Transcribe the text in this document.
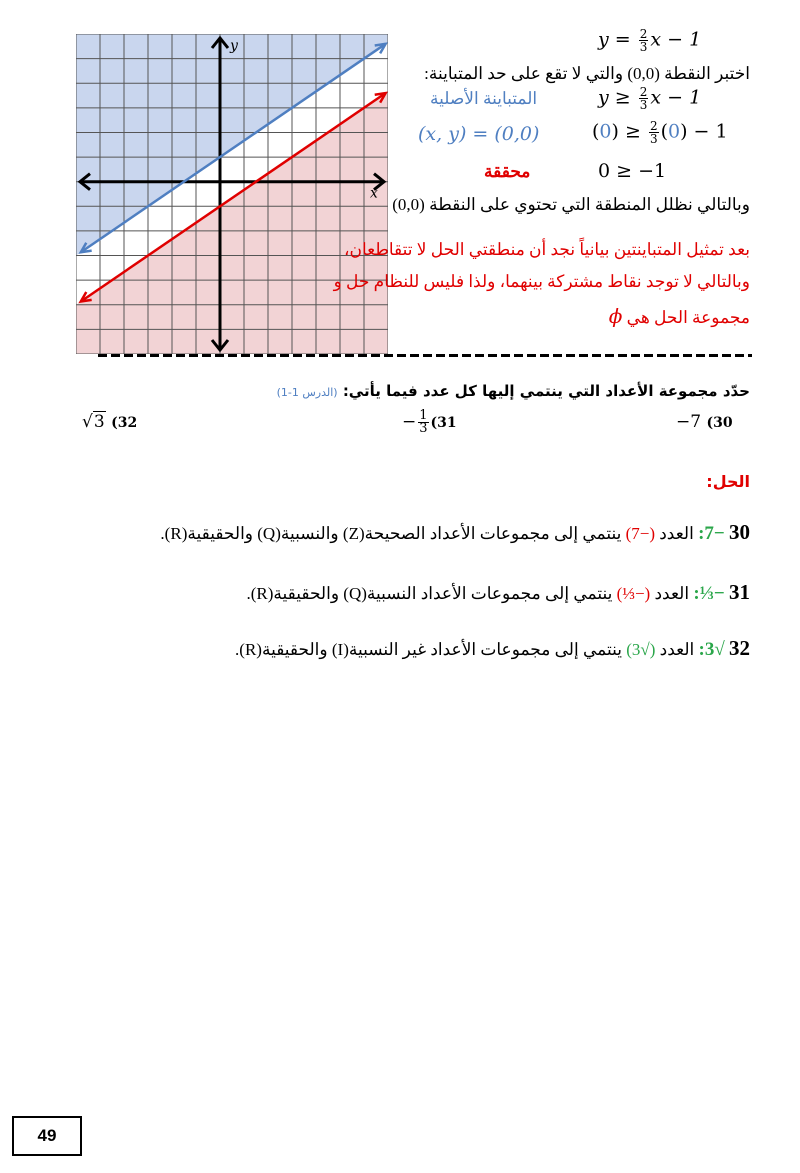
x
y	$y = \frac{2}{3}$ x − 1
اختبر النقطة (0,0) والتي لا تقع على حد المتباينة:
المتباينة الأصلية	$y \ge \frac{2}{3}$ x − 1
(x, y) = (0,0)	$(0) \ge \frac{2}{3} (0) - 1$
محققة	0 ≥ −1
وبالتالي نظلل المنطقة التي تحتوي على النقطة (0,0)
بعد تمثيل المتباينتين بيانياً نجد أن منطقتي الحل لا تتقاطعان،
وبالتالي لا توجد نقاط مشتركة بينهما، ولذا فليس للنظام حل و
مجموعة الحل هي ϕ
حدّد مجموعة الأعداد التي ينتمي إليها كل عدد فيما يأتي: (الدرس 1-1)
√3 (32	− $\frac{1}{3} (31$	−7 (30
الحل:
30 −7: العدد (−7) ينتمي إلى مجموعات الأعداد الصحيحة(Z) والنسبية(Q) والحقيقية(R).
31 −⅓: العدد (−⅓) ينتمي إلى مجموعات الأعداد النسبية(Q) والحقيقية(R).
32 √3: العدد (√3) ينتمي إلى مجموعات الأعداد غير النسبية(I) والحقيقية(R).
49
